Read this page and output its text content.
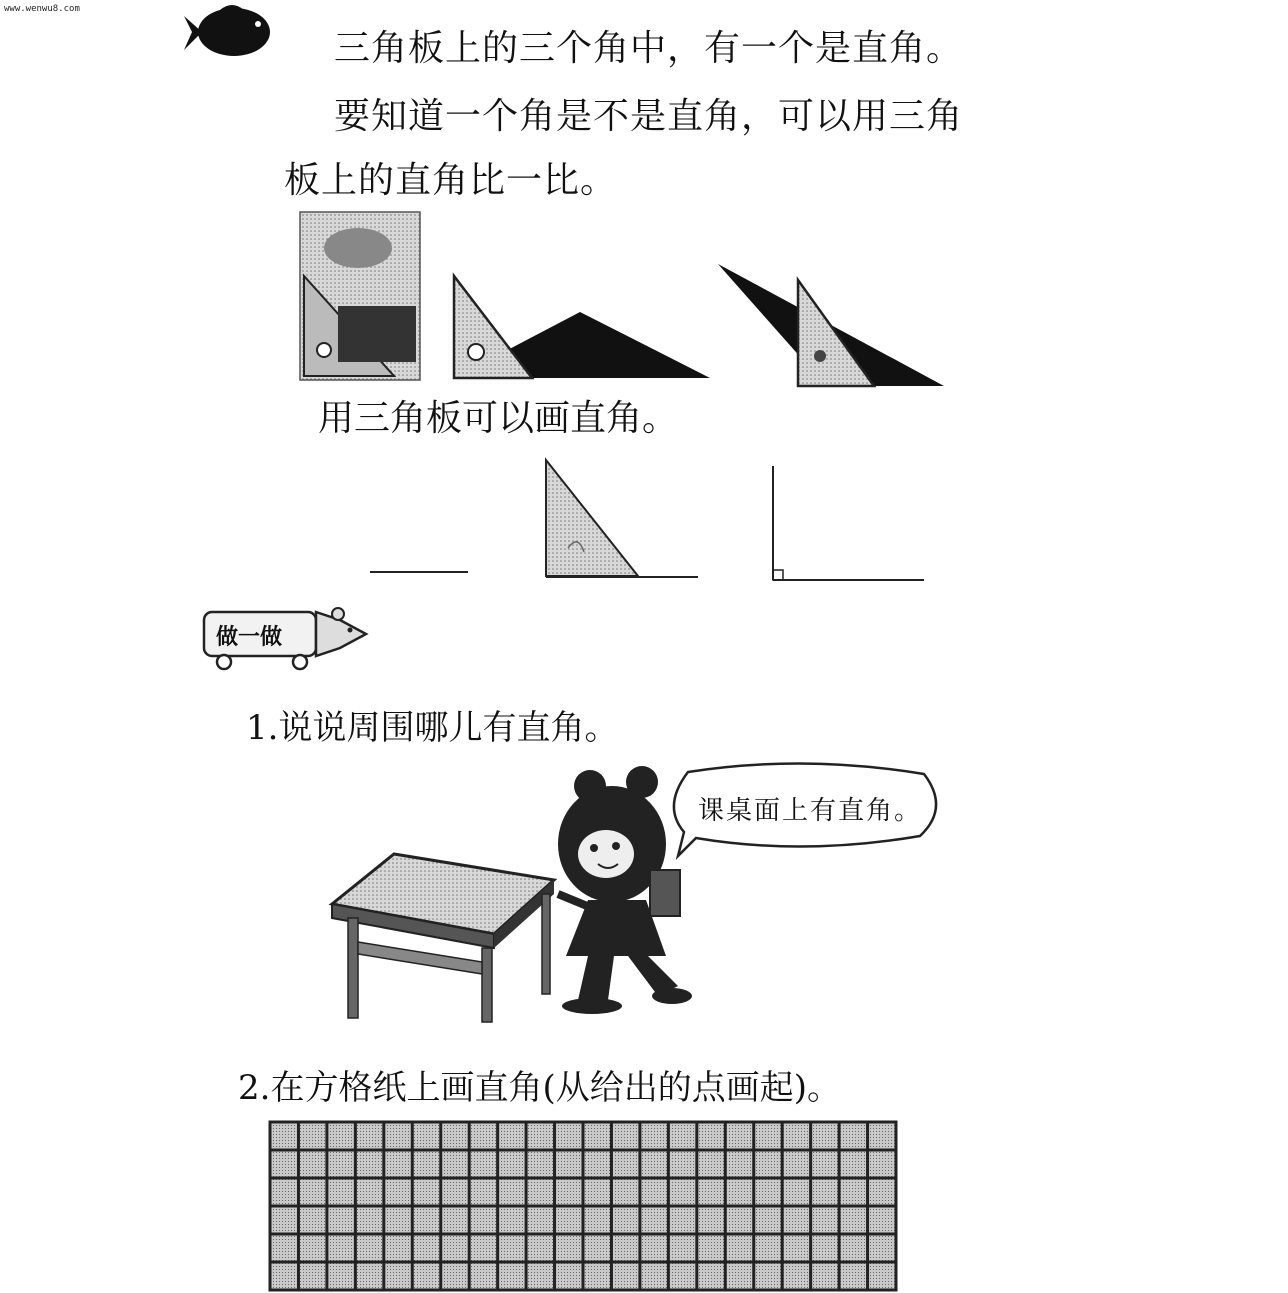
www.wenwu8.com
三角板上的三个角中，有一个是直角。
要知道一个角是不是直角，可以用三角
板上的直角比一比。
用三角板可以画直角。
做一做
1.说说周围哪儿有直角。
课桌面上有直角。
2.在方格纸上画直角(从给出的点画起)。
